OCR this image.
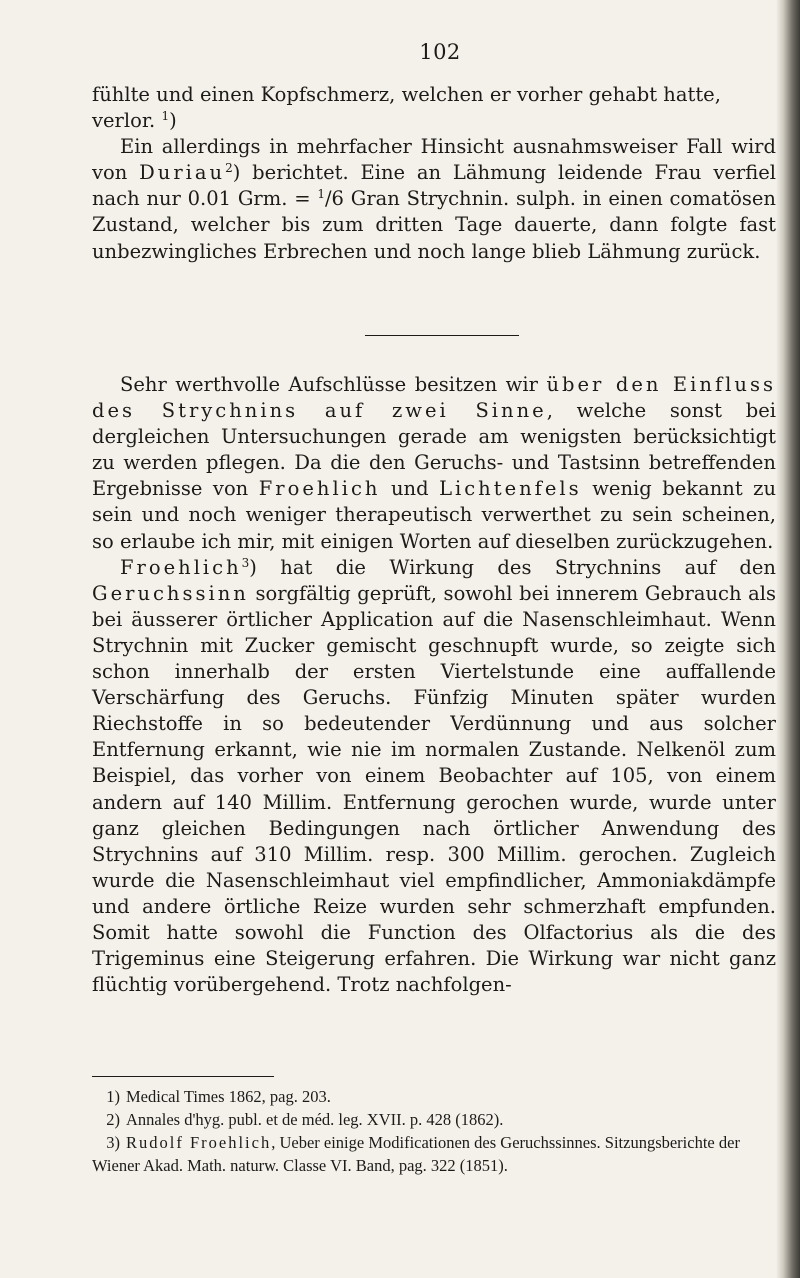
102

fühlte und einen Kopfschmerz, welchen er vorher gehabt hatte,
verlor. $^1$)

Ein allerdings in mehrfacher Hinsicht ausnahmsweiser Fall wird von Duriau$^2$) berichtet. Eine an Lähmung leidende Frau verfiel nach nur 0.01 Grm. = $^1$/6 Gran Strychnin. sulph. in einen comatösen Zustand, welcher bis zum dritten Tage dauerte, dann folgte fast unbezwingliches Erbrechen und noch lange blieb Lähmung zurück.

Sehr werthvolle Aufschlüsse besitzen wir über den Einfluss des Strychnins auf zwei Sinne, welche sonst bei dergleichen Untersuchungen gerade am wenigsten berücksichtigt zu werden pflegen. Da die den Geruchs- und Tastsinn betreffenden Ergebnisse von Froehlich und Lichtenfels wenig bekannt zu sein und noch weniger therapeutisch verwerthet zu sein scheinen, so erlaube ich mir, mit einigen Worten auf dieselben zurückzugehen.

Froehlich$^3$) hat die Wirkung des Strychnins auf den Geruchssinn sorgfältig geprüft, sowohl bei innerem Gebrauch als bei äusserer örtlicher Application auf die Nasenschleimhaut. Wenn Strychnin mit Zucker gemischt geschnupft wurde, so zeigte sich schon innerhalb der ersten Viertelstunde eine auffallende Verschärfung des Geruchs. Fünfzig Minuten später wurden Riechstoffe in so bedeutender Verdünnung und aus solcher Entfernung erkannt, wie nie im normalen Zustande. Nelkenöl zum Beispiel, das vorher von einem Beobachter auf 105, von einem andern auf 140 Millim. Entfernung gerochen wurde, wurde unter ganz gleichen Bedingungen nach örtlicher Anwendung des Strychnins auf 310 Millim. resp. 300 Millim. gerochen. Zugleich wurde die Nasenschleimhaut viel empfindlicher, Ammoniakdämpfe und andere örtliche Reize wurden sehr schmerzhaft empfunden. Somit hatte sowohl die Function des Olfactorius als die des Trigeminus eine Steigerung erfahren. Die Wirkung war nicht ganz flüchtig vorübergehend. Trotz nachfolgen-

1) Medical Times 1862, pag. 203.
2) Annales d'hyg. publ. et de méd. leg. XVII. p. 428 (1862).
3) Rudolf Froehlich, Ueber einige Modificationen des Geruchssinnes. Sitzungsberichte der Wiener Akad. Math. naturw. Classe VI. Band, pag. 322 (1851).
